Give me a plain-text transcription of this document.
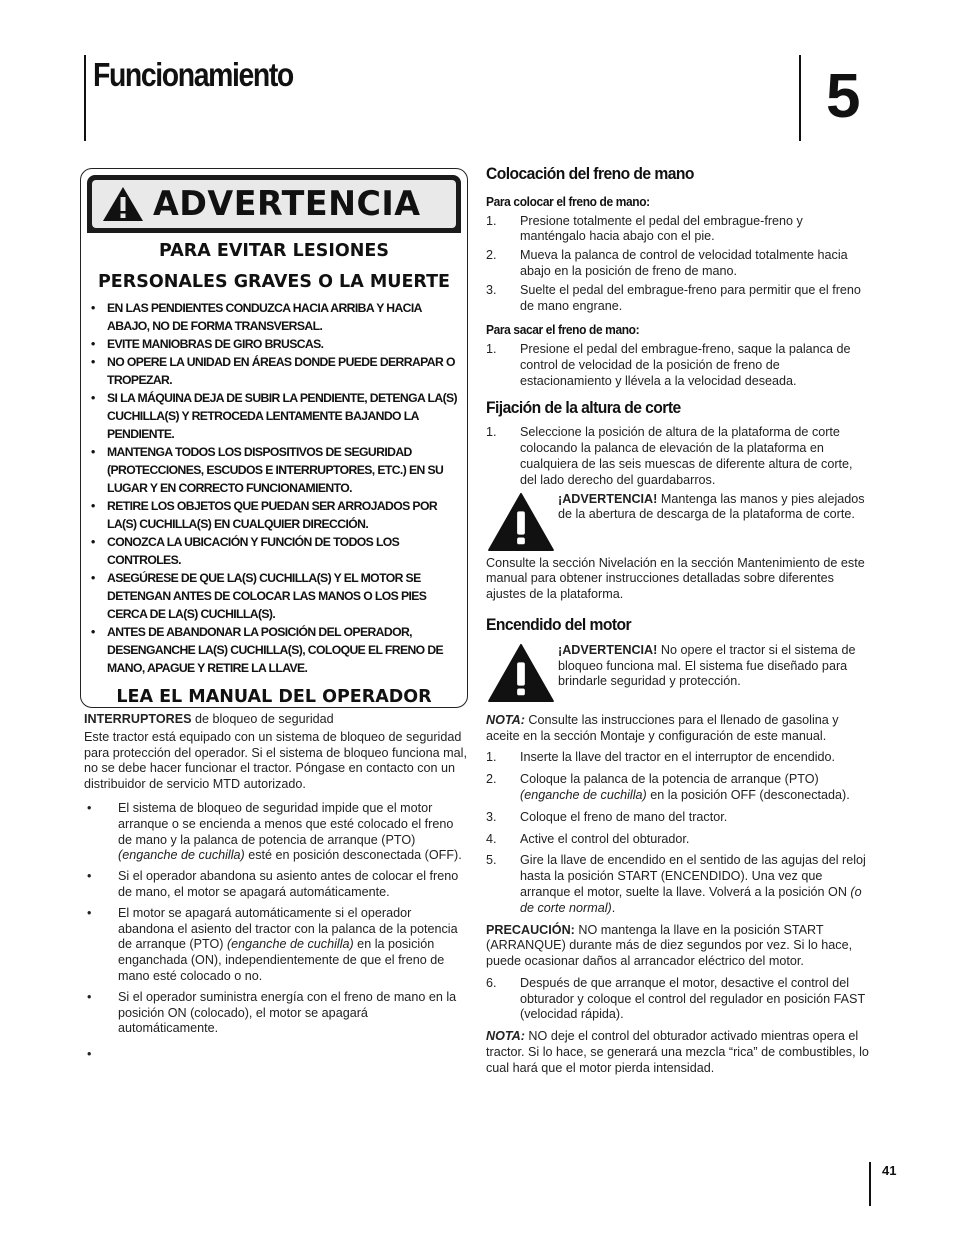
Funcionamiento	5
ADVERTENCIA
PARA EVITAR LESIONES
PERSONALES GRAVES O LA MUERTE
• EN LAS PENDIENTES CONDUZCA HACIA ARRIBA Y HACIA ABAJO, NO DE FORMA TRANSVERSAL.
• EVITE MANIOBRAS DE GIRO BRUSCAS.
• NO OPERE LA UNIDAD EN ÁREAS DONDE PUEDE DERRAPAR O TROPEZAR.
• SI LA MÁQUINA DEJA DE SUBIR LA PENDIENTE, DETENGA LA(S) CUCHILLA(S) Y RETROCEDA LENTAMENTE BAJANDO LA PENDIENTE.
• MANTENGA TODOS LOS DISPOSITIVOS DE SEGURIDAD (PROTECCIONES, ESCUDOS E INTERRUPTORES, ETC.) EN SU LUGAR Y EN CORRECTO FUNCIONAMIENTO.
• RETIRE LOS OBJETOS QUE PUEDAN SER ARROJADOS POR LA(S) CUCHILLA(S) EN CUALQUIER DIRECCIÓN.
• CONOZCA LA UBICACIÓN Y FUNCIÓN DE TODOS LOS CONTROLES.
• ASEGÚRESE DE QUE LA(S) CUCHILLA(S) Y EL MOTOR SE DETENGAN ANTES DE COLOCAR LAS MANOS O LOS PIES CERCA DE LA(S) CUCHILLA(S).
• ANTES DE ABANDONAR LA POSICIÓN DEL OPERADOR, DESENGANCHE LA(S) CUCHILLA(S), COLOQUE EL FRENO DE MANO, APAGUE Y RETIRE LA LLAVE.
LEA EL MANUAL DEL OPERADOR
INTERRUPTORES de bloqueo de seguridad

Este tractor está equipado con un sistema de bloqueo de seguridad para protección del operador. Si el sistema de bloqueo funciona mal, no se debe hacer funcionar el tractor. Póngase en contacto con un distribuidor de servicio MTD autorizado.

• El sistema de bloqueo de seguridad impide que el motor arranque o se encienda a menos que esté colocado el freno de mano y la palanca de potencia de arranque (PTO) (enganche de cuchilla) esté en posición desconectada (OFF).
• Si el operador abandona su asiento antes de colocar el freno de mano, el motor se apagará automáticamente.
• El motor se apagará automáticamente si el operador abandona el asiento del tractor con la palanca de la potencia de arranque (PTO) (enganche de cuchilla) en la posición enganchada (ON), independientemente de que el freno de mano esté colocado o no.
• Si el operador suministra energía con el freno de mano en la posición ON (colocado), el motor se apagará automáticamente.
Colocación del freno de mano
Para colocar el freno de mano:
1. Presione totalmente el pedal del embrague-freno y manténgalo hacia abajo con el pie.
2. Mueva la palanca de control de velocidad totalmente hacia abajo en la posición de freno de mano.
3. Suelte el pedal del embrague-freno para permitir que el freno de mano engrane.
Para sacar el freno de mano:
1. Presione el pedal del embrague-freno, saque la palanca de control de velocidad de la posición de freno de estacionamiento y llévela a la velocidad deseada.
Fijación de la altura de corte
1. Seleccione la posición de altura de la plataforma de corte colocando la palanca de elevación de la plataforma en cualquiera de las seis muescas de diferente altura de corte, del lado derecho del guardabarros.
¡ADVERTENCIA! Mantenga las manos y pies alejados de la abertura de descarga de la plataforma de corte.

Consulte la sección Nivelación en la sección Mantenimiento de este manual para obtener instrucciones detalladas sobre diferentes ajustes de la plataforma.

Encendido del motor
¡ADVERTENCIA! No opere el tractor si el sistema de bloqueo funciona mal. El sistema fue diseñado para brindarle seguridad y protección.

NOTA: Consulte las instrucciones para el llenado de gasolina y aceite en la sección Montaje y configuración de este manual.

1. Inserte la llave del tractor en el interruptor de encendido.
2. Coloque la palanca de la potencia de arranque (PTO) (enganche de cuchilla) en la posición OFF (desconectada).
3. Coloque el freno de mano del tractor.
4. Active el control del obturador.
5. Gire la llave de encendido en el sentido de las agujas del reloj hasta la posición START (ENCENDIDO). Una vez que arranque el motor, suelte la llave. Volverá a la posición ON (o de corte normal).

PRECAUCIÓN: NO mantenga la llave en la posición START (ARRANQUE) durante más de diez segundos por vez. Si lo hace, puede ocasionar daños al arrancador eléctrico del motor.

6. Después de que arranque el motor, desactive el control del obturador y coloque el control del regulador en posición FAST (velocidad rápida).

NOTA: NO deje el control del obturador activado mientras opera el tractor. Si lo hace, se generará una mezcla “rica” de combustibles, lo cual hará que el motor pierda intensidad.

41
